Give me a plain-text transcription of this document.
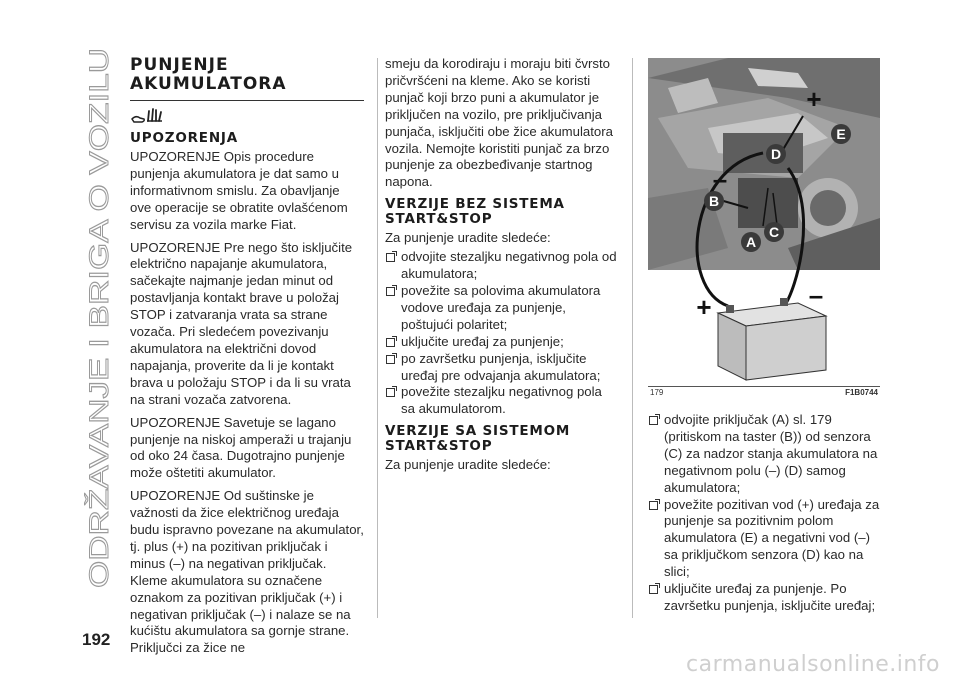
ODRŽAVANJE I BRIGA O VOZILU
PUNJENJE
AKUMULATORA
UPOZORENJA

UPOZORENJE Opis procedure punjenja akumulatora je dat samo u informativnom smislu. Za obavljanje ove operacije se obratite ovlašćenom servisu za vozila marke Fiat.

UPOZORENJE Pre nego što isključite električno napajanje akumulatora, sačekajte najmanje jedan minut od postavljanja kontakt brave u položaj STOP i zatvaranja vrata sa strane vozača. Pri sledećem povezivanju akumulatora na električni dovod napajanja, proverite da li je kontakt brava u položaju STOP i da li su vrata na strani vozača zatvorena.

UPOZORENJE Savetuje se lagano punjenje na niskoj amperaži u trajanju od oko 24 časa. Dugotrajno punjenje može oštetiti akumulator.

UPOZORENJE Od suštinske je važnosti da žice električnog uređaja budu ispravno povezane na akumulator, tj. plus (+) na pozitivan priključak i minus (–) na negativan priključak. Kleme akumulatora su označene oznakom za pozitivan priključak (+) i negativan priključak (–) i nalaze se na kućištu akumulatora sa gornje strane. Priključci za žice ne

smeju da korodiraju i moraju biti čvrsto pričvršćeni na kleme. Ako se koristi punjač koji brzo puni a akumulator je priključen na vozilo, pre priključivanja punjača, isključiti obe žice akumulatora vozila. Nemojte koristiti punjač za brzo punjenje za obezbeđivanje startnog napona.

VERZIJE BEZ SISTEMA
START&STOP

Za punjenje uradite sledeće:

odvojite stezaljku negativnog pola od akumulatora;
povežite sa polovima akumulatora vodove uređaja za punjenje, poštujući polaritet;
uključite uređaj za punjenje;
po završetku punjenja, isključite uređaj pre odvajanja akumulatora;
povežite stezaljku negativnog pola sa akumulatorom.
VERZIJE SA SISTEMOM
START&STOP

Za punjenje uradite sledeće:

E
D
B
C
A
+
–
+	–
179	F1B0744
odvojite priključak (A) sl. 179 (pritiskom na taster (B)) od senzora (C) za nadzor stanja akumulatora na negativnom polu (–) (D) samog akumulatora;
povežite pozitivan vod (+) uređaja za punjenje sa pozitivnim polom akumulatora (E) a negativni vod (–) sa priključkom senzora (D) kao na slici;
uključite uređaj za punjenje. Po završetku punjenja, isključite uređaj;
192
carmanualsonline.info
